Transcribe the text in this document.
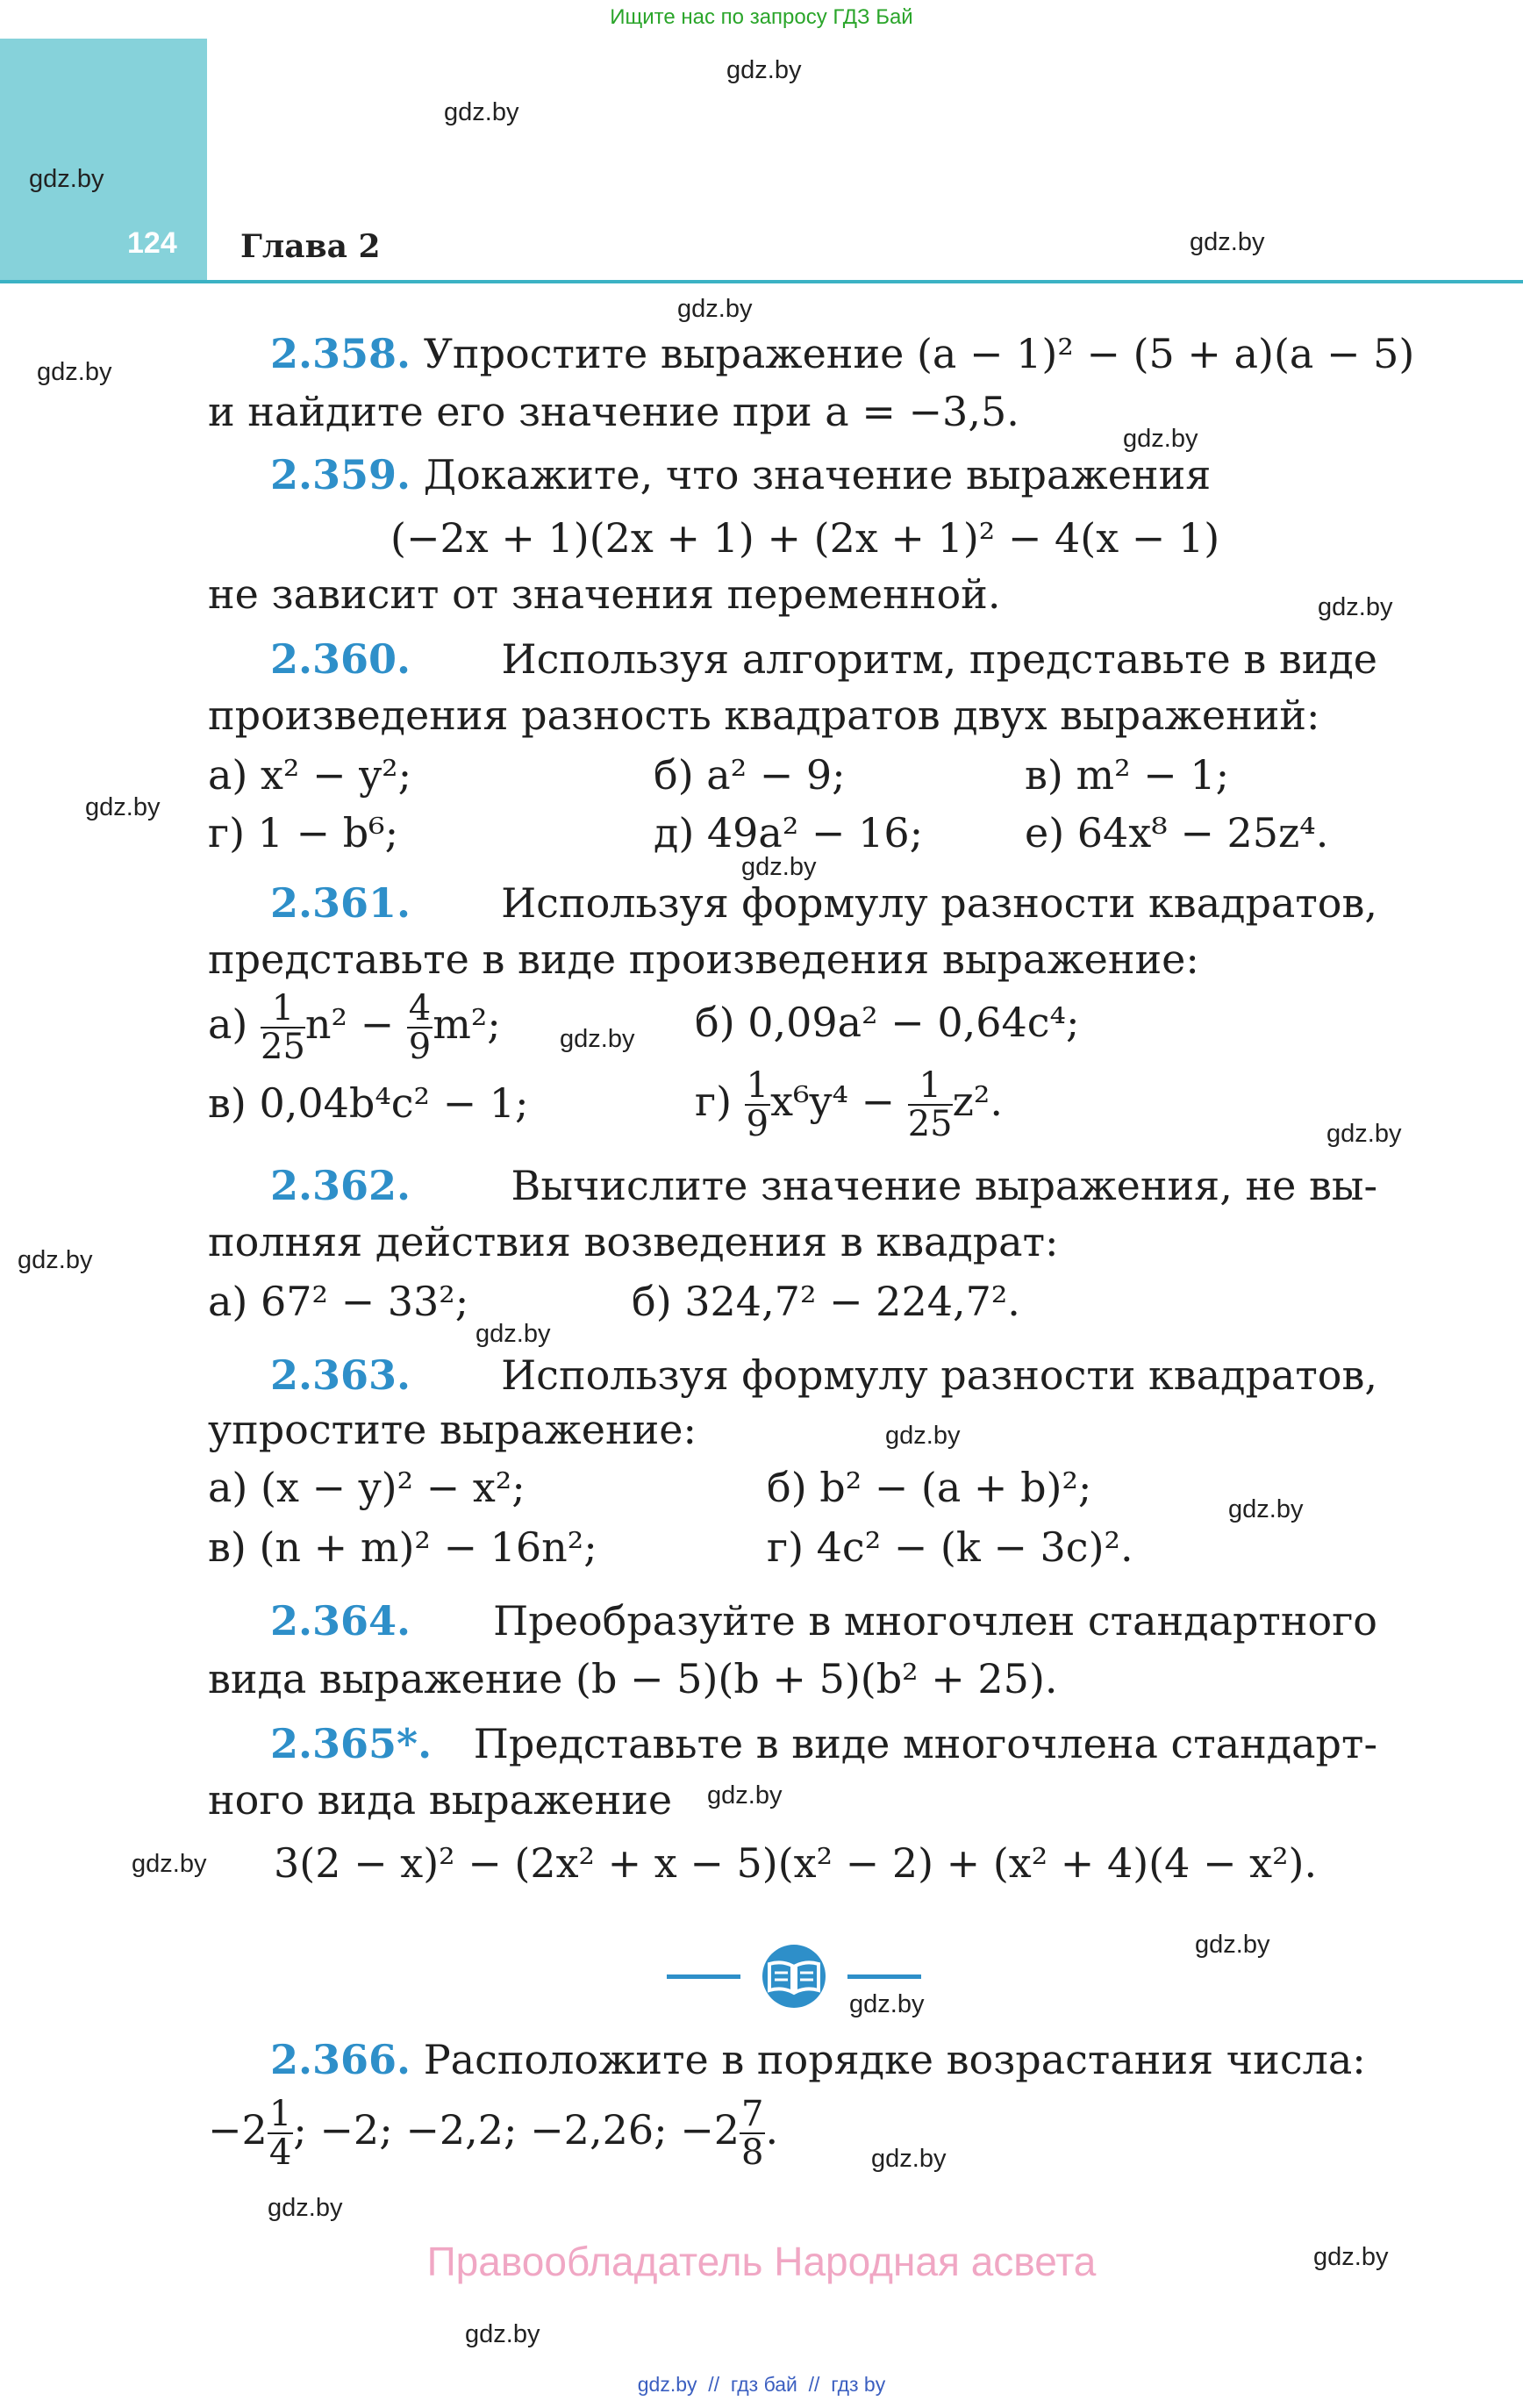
Ищите нас по запросу ГДЗ Бай
124 Глава 2
gdz.by
gdz.by
gdz.by
gdz.by
gdz.by
gdz.by
gdz.by
gdz.by
gdz.by
gdz.by
gdz.by
gdz.by
gdz.by
gdz.by
gdz.by
gdz.by
gdz.by
gdz.by
gdz.by
gdz.by
gdz.by
gdz.by
gdz.by
gdz.by
2.358. Упростите выражение (a − 1)² − (5 + a)(a − 5)
и найдите его значение при a = −3,5.
2.359. Докажите, что значение выражения
(−2x + 1)(2x + 1) + (2x + 1)² − 4(x − 1)
не зависит от значения переменной.
2.360. Используя алгоритм, представьте в виде
произведения разность квадратов двух выражений:
а) x² − y²;	б) a² − 9;	в) m² − 1;
г) 1 − b⁶;	д) 49a² − 16;	е) 64x⁸ − 25z⁴.
2.361. Используя формулу разности квадратов,
представьте в виде произведения выражение:
$а) \frac{1}{25} n^2 - \frac{4}{9} m^2$;	б) 0,09a² − 0,64c⁴;
в) 0,04b⁴c² − 1;	$г) \frac{1}{9} x^6y^4 - \frac{1}{25} z^2$.
2.362. Вычислите значение выражения, не вы-
полняя действия возведения в квадрат:
а) 67² − 33²;	б) 324,7² − 224,7².
2.363. Используя формулу разности квадратов,
упростите выражение:
а) (x − y)² − x²;	б) b² − (a + b)²;
в) (n + m)² − 16n²;	г) 4c² − (k − 3c)².
2.364. Преобразуйте в многочлен стандартного
вида выражение (b − 5)(b + 5)(b² + 25).
2.365*. Представьте в виде многочлена стандарт-
ного вида выражение
3(2 − x)² − (2x² + x − 5)(x² − 2) + (x² + 4)(4 − x²).
2.366. Расположите в порядке возрастания числа:
$-2 \frac{1}{4}$ ; −2; −2,2; −2,26; $-2 \frac{7}{8}$ .
Правообладатель Народная асвета
gdz.by  //  гдз бай  //  гдз by
